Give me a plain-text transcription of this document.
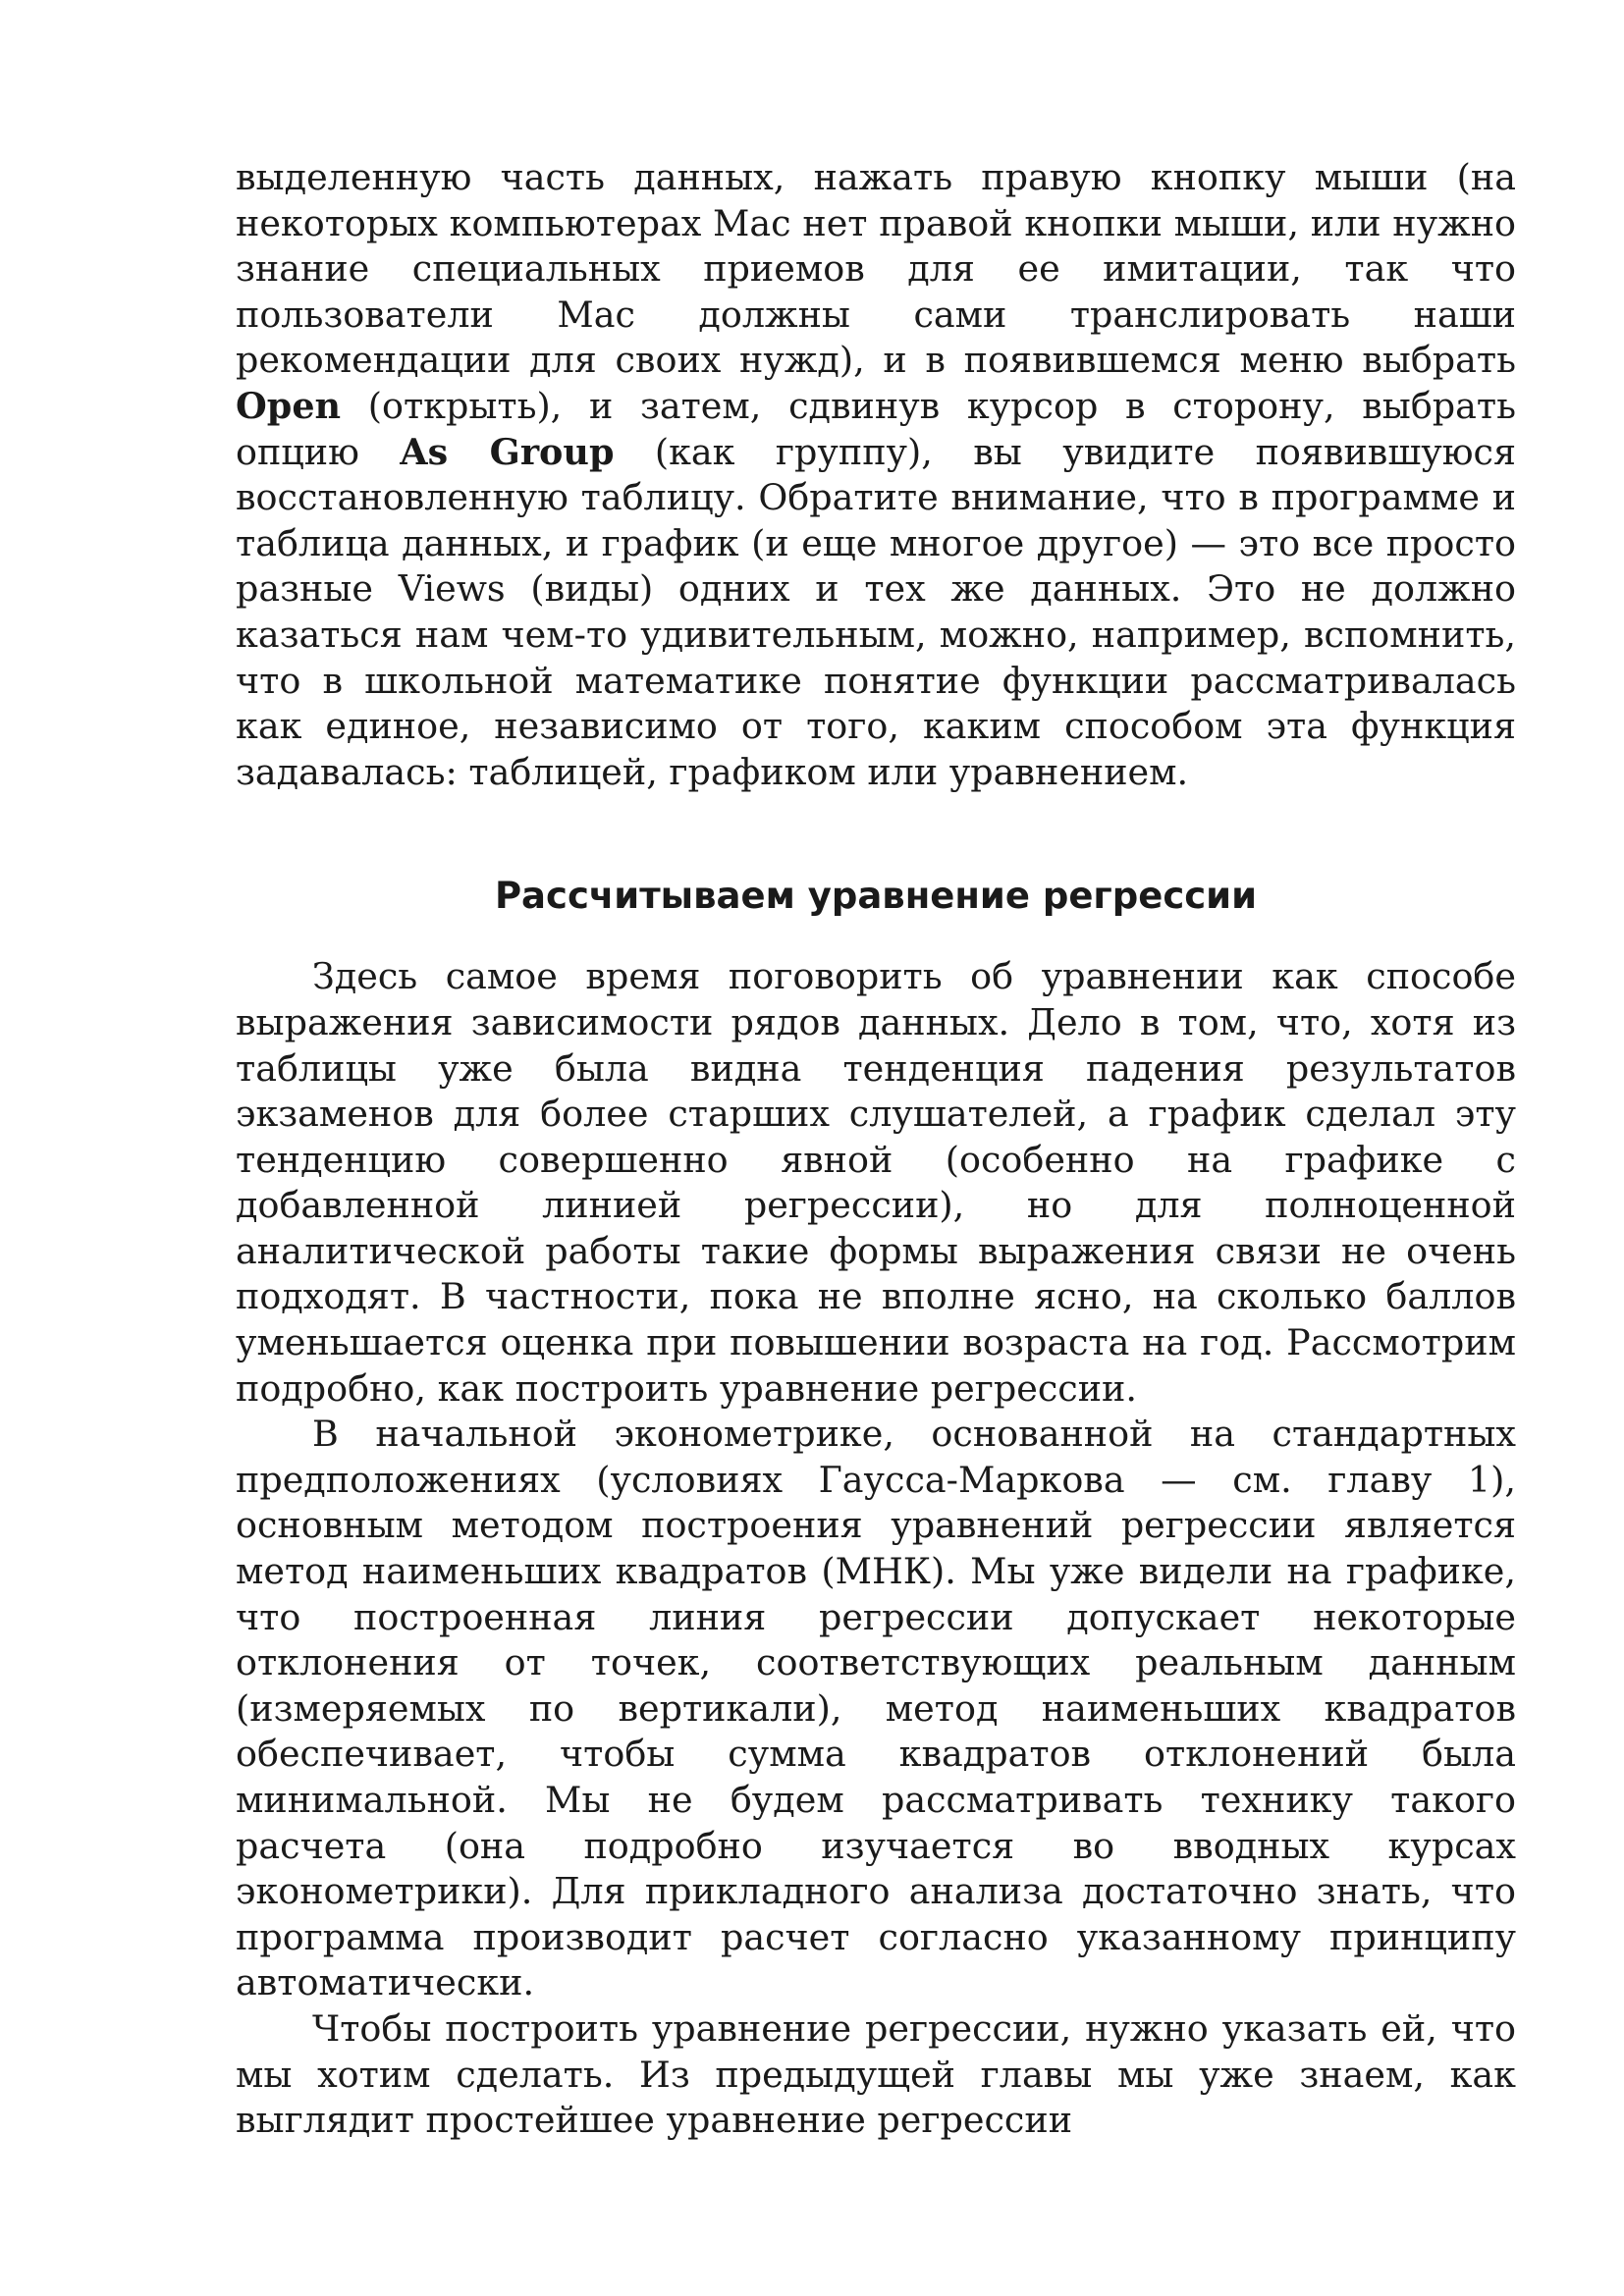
выделенную часть данных, нажать правую кнопку мыши (на некоторых компьютерах Mac нет правой кнопки мыши, или нужно знание специальных приемов для ее имитации, так что пользователи Mac должны сами транслировать наши рекомендации для своих нужд), и в появившемся меню выбрать Open (открыть), и затем, сдвинув курсор в сторону, выбрать опцию As Group (как группу), вы увидите появившуюся восстановленную таблицу. Обратите внимание, что в программе и таблица данных, и график (и еще многое другое) — это все просто разные Views (виды) одних и тех же данных. Это не должно казаться нам чем-то удивительным, можно, например, вспомнить, что в школьной математике понятие функции рассматривалась как единое, независимо от того, каким способом эта функция задавалась: таблицей, графиком или уравнением.

Рассчитываем уравнение регрессии

Здесь самое время поговорить об уравнении как способе выражения зависимости рядов данных. Дело в том, что, хотя из таблицы уже была видна тенденция падения результатов экзаменов для более старших слушателей, а график сделал эту тенденцию совершенно явной (особенно на графике с добавленной линией регрессии), но для полноценной аналитической работы такие формы выражения связи не очень подходят. В частности, пока не вполне ясно, на сколько баллов уменьшается оценка при повышении возраста на год. Рассмотрим подробно, как построить уравнение регрессии.

В начальной эконометрике, основанной на стандартных предположениях (условиях Гаусса-Маркова — см. главу 1), основным методом построения уравнений регрессии является метод наименьших квадратов (МНК). Мы уже видели на графике, что построенная линия регрессии допускает некоторые отклонения от точек, соответствующих реальным данным (измеряемых по вертикали), метод наименьших квадратов обеспечивает, чтобы сумма квадратов отклонений была минимальной. Мы не будем рассматривать технику такого расчета (она подробно изучается во вводных курсах эконометрики). Для прикладного анализа достаточно знать, что программа производит расчет согласно указанному принципу автоматически.

Чтобы построить уравнение регрессии, нужно указать ей, что мы хотим сделать. Из предыдущей главы мы уже знаем, как выглядит простейшее уравнение регрессии
